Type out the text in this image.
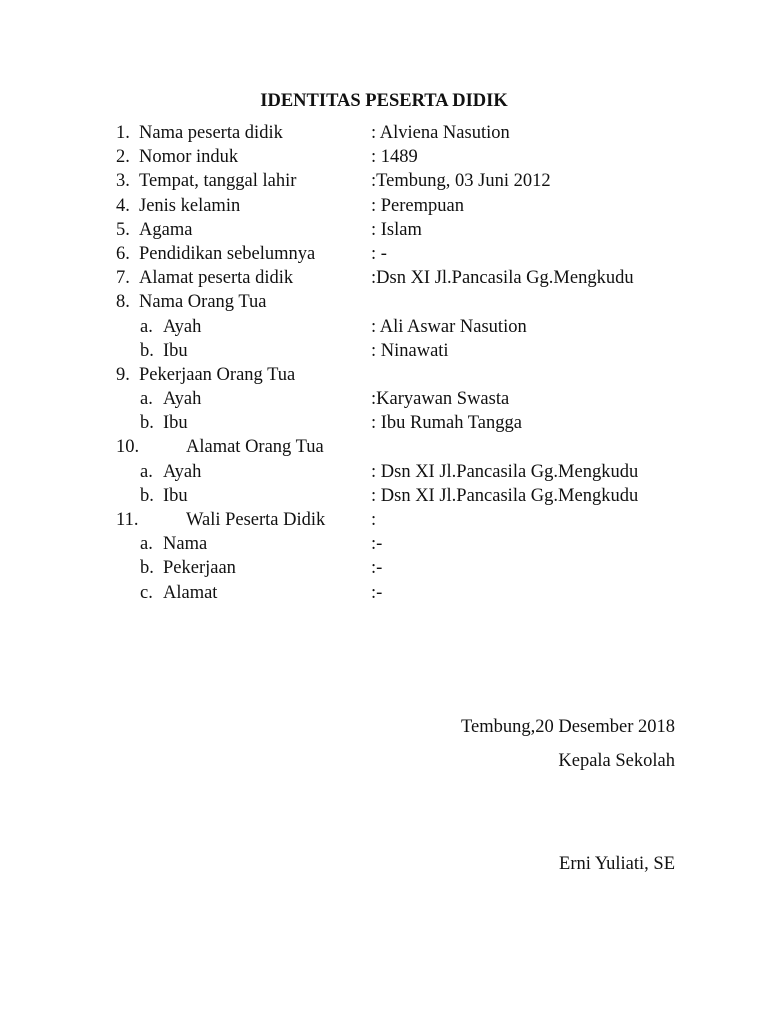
IDENTITAS PESERTA DIDIK
1. Nama peserta didik	: Alviena Nasution
2. Nomor induk	: 1489
3. Tempat, tanggal lahir	:Tembung, 03 Juni 2012
4. Jenis kelamin	: Perempuan
5. Agama	: Islam
6. Pendidikan sebelumnya	: -
7. Alamat peserta didik	:Dsn XI Jl.Pancasila Gg.Mengkudu
8. Nama Orang Tua
a. Ayah	: Ali Aswar Nasution
b. Ibu	: Ninawati
9. Pekerjaan Orang Tua
a. Ayah	:Karyawan Swasta
b. Ibu	: Ibu Rumah Tangga
10.	Alamat Orang Tua
a. Ayah	: Dsn XI Jl.Pancasila Gg.Mengkudu
b. Ibu	: Dsn XI Jl.Pancasila Gg.Mengkudu
11.	Wali Peserta Didik :
a. Nama	:-
b. Pekerjaan	:-
c. Alamat	:-
Tembung,20 Desember 2018
Kepala Sekolah
Erni Yuliati, SE
